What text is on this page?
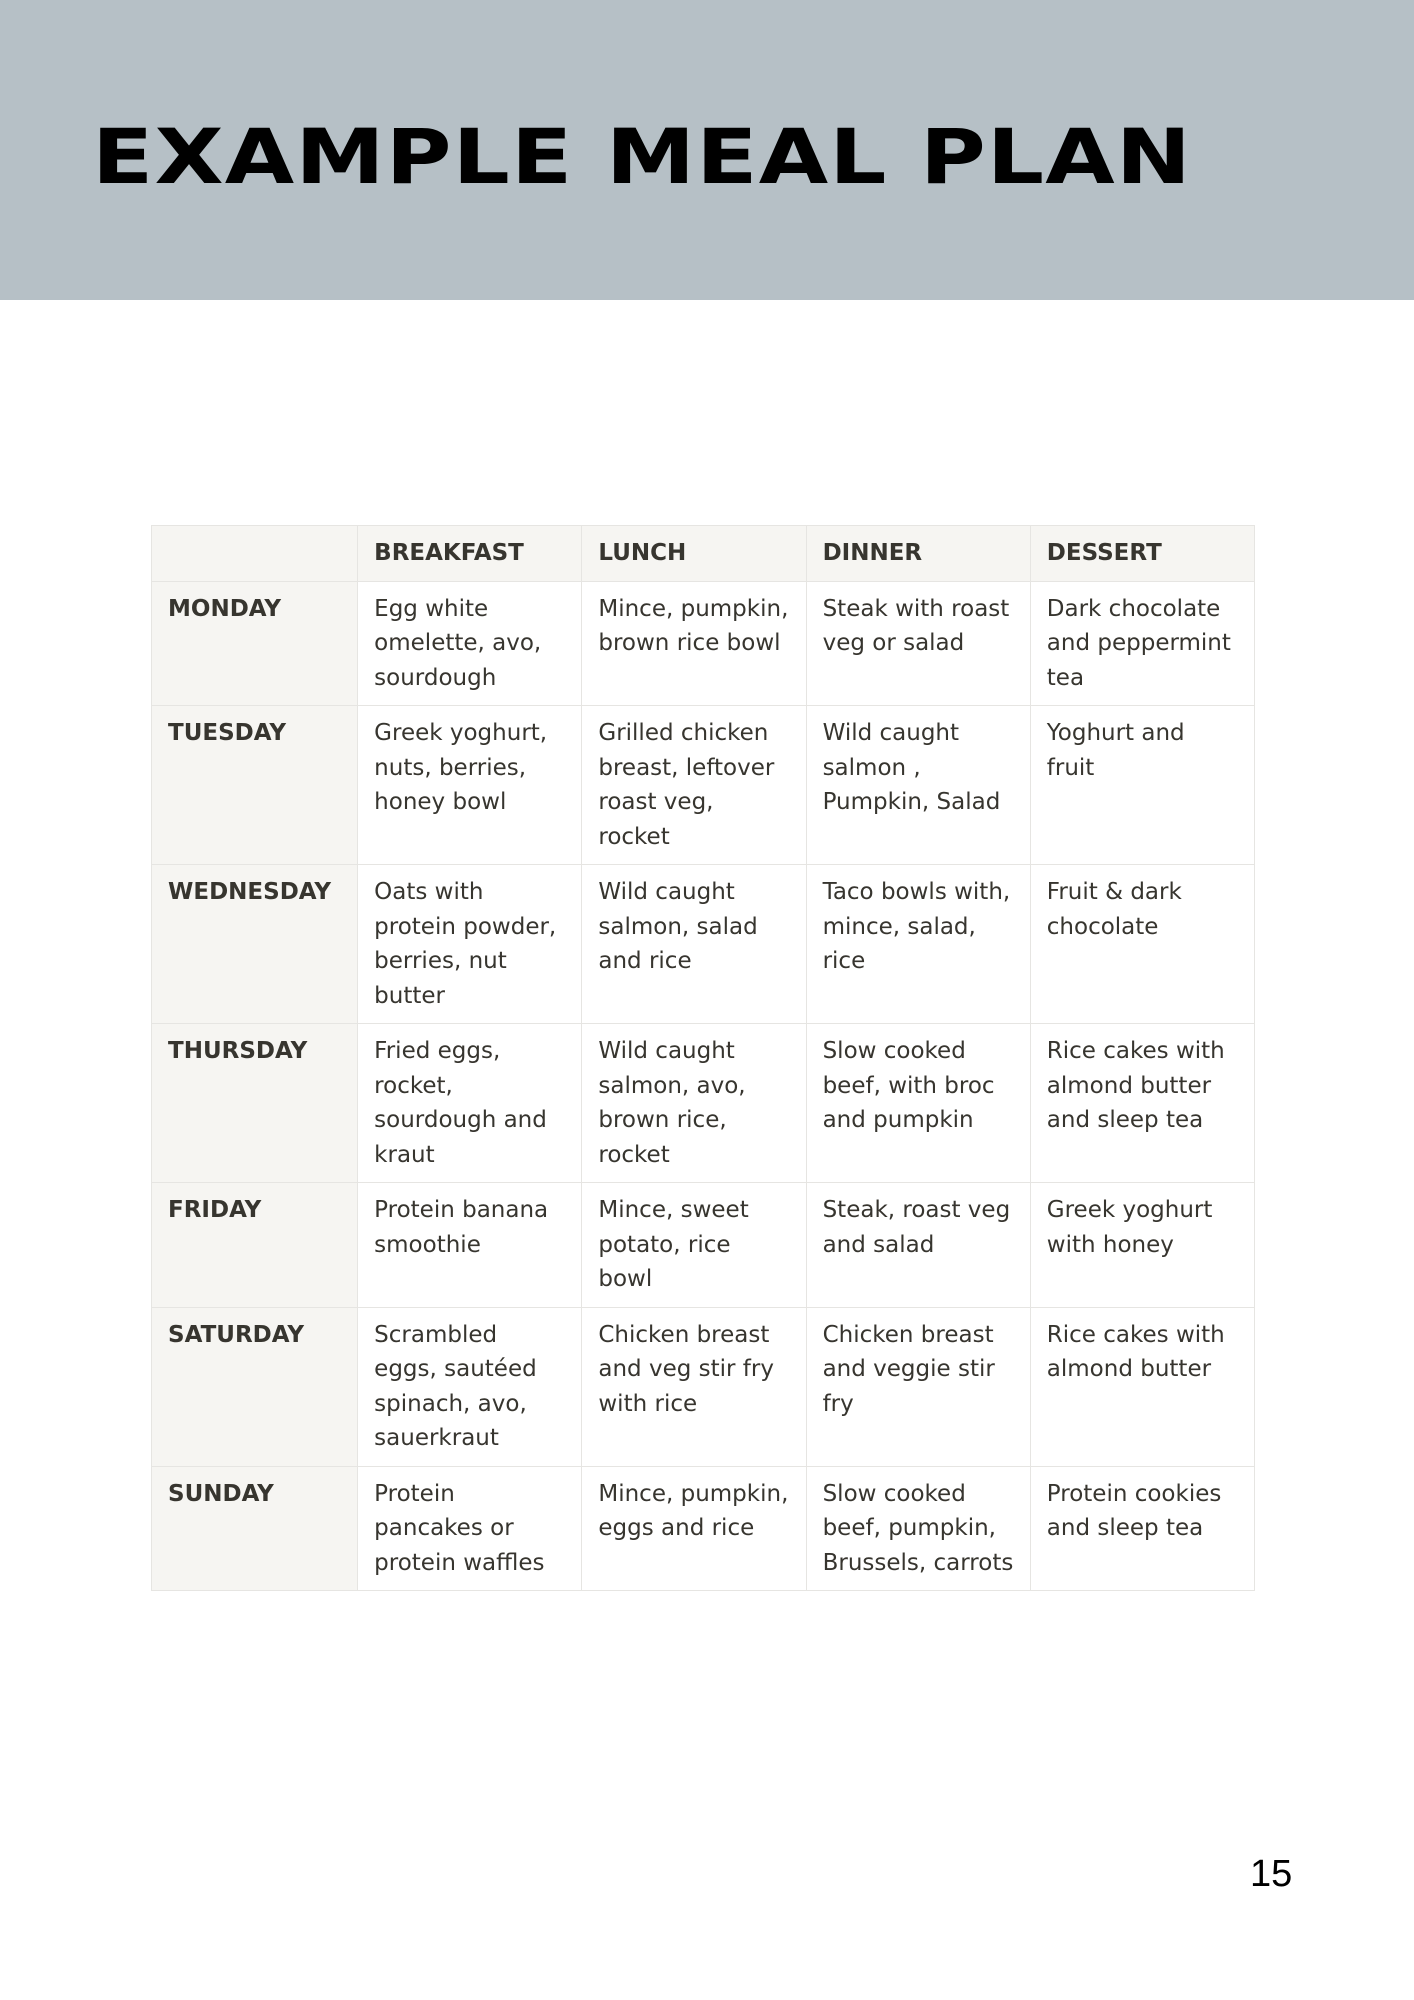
EXAMPLE MEAL PLAN
	BREAKFAST	LUNCH	DINNER	DESSERT
MONDAY	Egg white omelette, avo, sourdough	Mince, pumpkin, brown rice bowl	Steak with roast veg or salad	Dark chocolate and peppermint tea
TUESDAY	Greek yoghurt, nuts, berries, honey bowl	Grilled chicken breast, leftover roast veg, rocket	Wild caught salmon , Pumpkin, Salad	Yoghurt and fruit
WEDNESDAY	Oats with protein powder, berries, nut butter	Wild caught salmon, salad and rice	Taco bowls with, mince, salad, rice	Fruit & dark chocolate
THURSDAY	Fried eggs, rocket, sourdough and kraut	Wild caught salmon, avo, brown rice, rocket	Slow cooked beef, with broc and pumpkin	Rice cakes with almond butter and sleep tea
FRIDAY	Protein banana smoothie	Mince, sweet potato, rice bowl	Steak, roast veg and salad	Greek yoghurt with honey
SATURDAY	Scrambled eggs, sautéed spinach, avo, sauerkraut	Chicken breast and veg stir fry with rice	Chicken breast and veggie stir fry	Rice cakes with almond butter
SUNDAY	Protein pancakes or protein waffles	Mince, pumpkin, eggs and rice	Slow cooked beef, pumpkin, Brussels, carrots	Protein cookies and sleep tea
15
